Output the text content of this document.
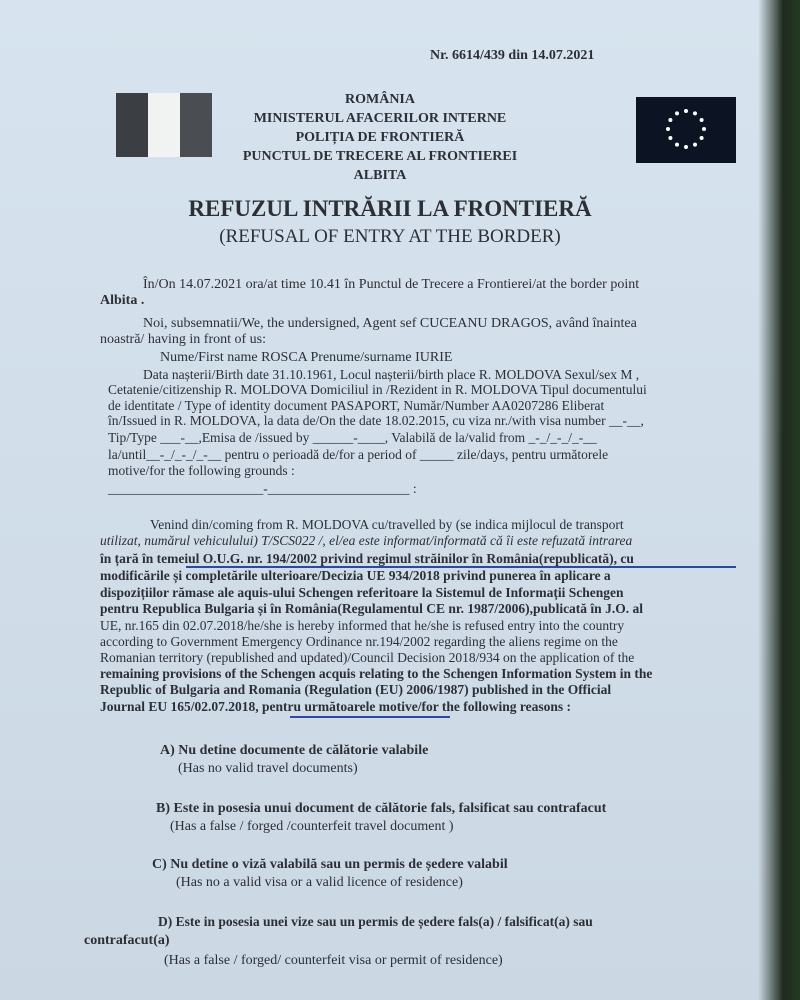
Nr. 6614/439 din 14.07.2021
ROMÂNIA
MINISTERUL AFACERILOR INTERNE
POLIȚIA DE FRONTIERĂ
PUNCTUL DE TRECERE AL FRONTIEREI
ALBITA
REFUZUL INTRĂRII LA FRONTIERĂ
(REFUSAL OF ENTRY AT THE BORDER)
În/On 14.07.2021 ora/at time 10.41 în Punctul de Trecere a Frontierei/at the border point
Albita .
Noi, subsemnatii/We, the undersigned, Agent sef CUCEANU DRAGOS, având înaintea
noastră/ having in front of us:
Nume/First name ROSCA Prenume/surname IURIE
Data nașterii/Birth date 31.10.1961, Locul nașterii/birth place R. MOLDOVA Sexul/sex M ,
Cetatenie/citizenship R. MOLDOVA Domiciliul in /Rezident in R. MOLDOVA Tipul documentului
de identitate / Type of identity document PASAPORT, Număr/Number AA0207286 Eliberat
în/Issued in R. MOLDOVA, la data de/On the date 18.02.2015, cu viza nr./with visa number __-__,
Tip/Type ___-__,Emisa de /issued by ______-____, Valabilă de la/valid from _-_/_-_/_-__
la/until__-_/_-_/_-__ pentru o perioadă de/for a period of _____ zile/days, pentru următorele
motive/for the following grounds :
_______________________-_____________________ :
Venind din/coming from R. MOLDOVA cu/travelled by (se indica mijlocul de transport
utilizat, numărul vehiculului) T/SCS022 /, el/ea este informat/informată că îi este refuzată intrarea
în țară în temeiul O.U.G. nr. 194/2002 privind regimul străinilor în România(republicată), cu
modificările și completările ulterioare/Decizia UE 934/2018 privind punerea în aplicare a
dispozițiilor rămase ale aquis-ului Schengen referitoare la Sistemul de Informații Schengen
pentru Republica Bulgaria și în România(Regulamentul CE nr. 1987/2006),publicată în J.O. al
UE, nr.165 din 02.07.2018/he/she is hereby informed that he/she is refused entry into the country
according to Government Emergency Ordinance nr.194/2002 regarding the aliens regime on the
Romanian territory (republished and updated)/Council Decision 2018/934 on the application of the
remaining provisions of the Schengen acquis relating to the Schengen Information System in the
Republic of Bulgaria and Romania (Regulation (EU) 2006/1987) published in the Official
Journal EU 165/02.07.2018, pentru următoarele motive/for the following reasons :
A) Nu detine documente de călătorie valabile
(Has no valid travel documents)
B) Este in posesia unui document de călătorie fals, falsificat sau contrafacut
(Has a false / forged /counterfeit travel document )
C) Nu detine o viză valabilă sau un permis de ședere valabil
(Has no a valid visa or a valid licence of residence)
D) Este in posesia unei vize sau un permis de ședere fals(a) / falsificat(a) sau
contrafacut(a)
(Has a false / forged/ counterfeit visa or permit of residence)
